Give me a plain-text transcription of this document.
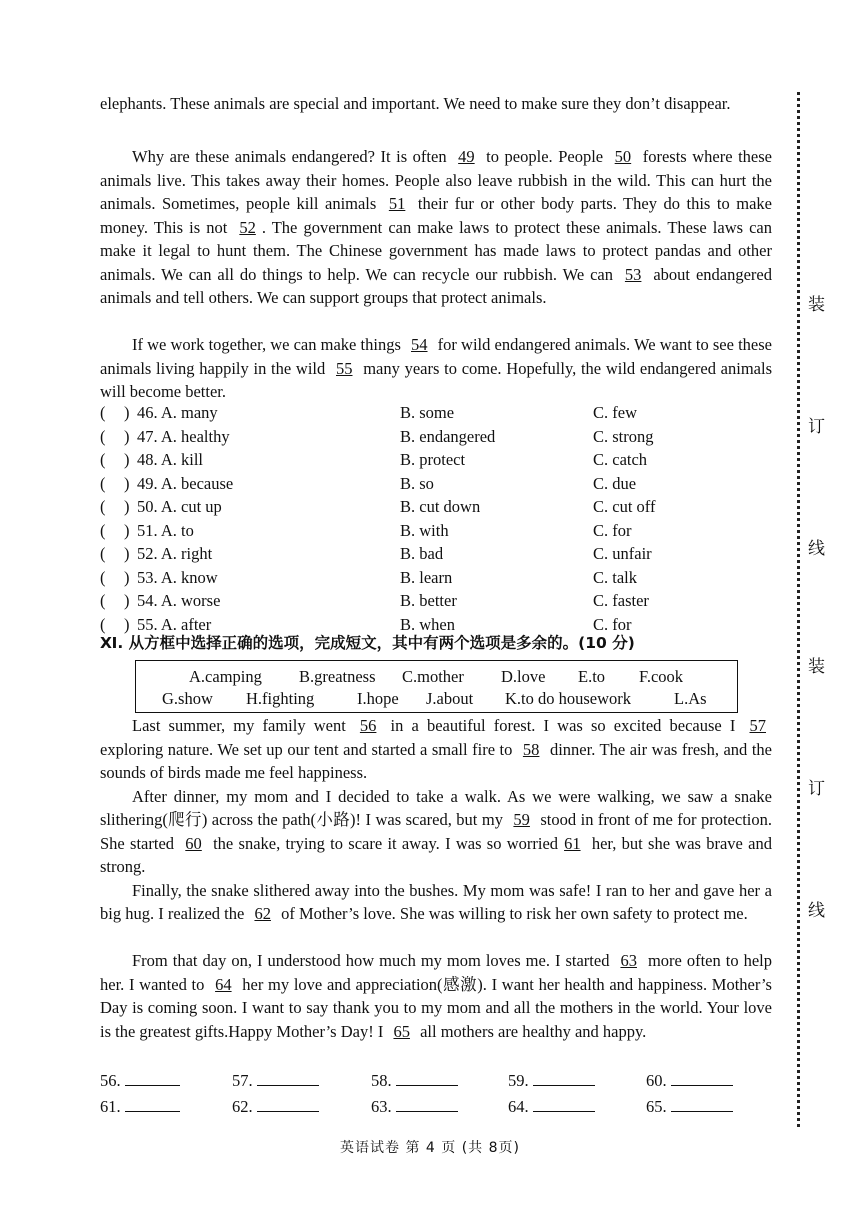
elephants. These animals are special and important. We need to make sure they don’t disappear.

Why are these animals endangered? It is often 49 to people. People 50 forests where these animals live. This takes away their homes. People also leave rubbish in the wild. This can hurt the animals. Sometimes, people kill animals 51 their fur or other body parts. They do this to make money. This is not 52 . The government can make laws to protect these animals. These laws can make it legal to hunt them. The Chinese government has made laws to protect pandas and other animals. We can all do things to help. We can recycle our rubbish. We can 53 about endangered animals and tell others. We can support groups that protect animals.

If we work together, we can make things 54 for wild endangered animals. We want to see these animals living happily in the wild 55 many years to come. Hopefully, the wild endangered animals will become better.

( ) 46. A. many	B. some	C. few
( ) 47. A. healthy	B. endangered	C. strong
( ) 48. A. kill	B. protect	C. catch
( ) 49. A. because	B. so	C. due
( ) 50. A. cut up	B. cut down	C. cut off
( ) 51. A. to	B. with	C. for
( ) 52. A. right	B. bad	C. unfair
( ) 53. A. know	B. learn	C. talk
( ) 54. A. worse	B. better	C. faster
( ) 55. A. after	B. when	C. for
Ⅺ. 从方框中选择正确的选项，完成短文，其中有两个选项是多余的。(10 分)
A.camping B.greatness C.mother D.love E.to F.cook
G.show H.fighting	I.hope J.about K.to do housework	L.As

Last summer, my family went 56 in a beautiful forest. I was so excited because I 57 exploring nature. We set up our tent and started a small fire to 58 dinner. The air was fresh, and the sounds of birds made me feel happiness.

After dinner, my mom and I decided to take a walk. As we were walking, we saw a snake slithering(爬行) across the path(小路)! I was scared, but my 59 stood in front of me for protection. She started 60 the snake, trying to scare it away. I was so worried 61 her, but she was brave and strong.

Finally, the snake slithered away into the bushes. My mom was safe! I ran to her and gave her a big hug. I realized the 62 of Mother’s love. She was willing to risk her own safety to protect me.

From that day on, I understood how much my mom loves me. I started 63 more often to help her. I wanted to 64 her my love and appreciation(感激). I want her health and happiness. Mother’s Day is coming soon. I want to say thank you to my mom and all the mothers in the world. Your love is the greatest gifts.Happy Mother’s Day! I 65 all mothers are healthy and happy.

56.	57.	58.	59.	60.
61.	62.	63.	64.	65.
英语试卷 第 4 页 (共 8页)
装
订
线
装
订
线
